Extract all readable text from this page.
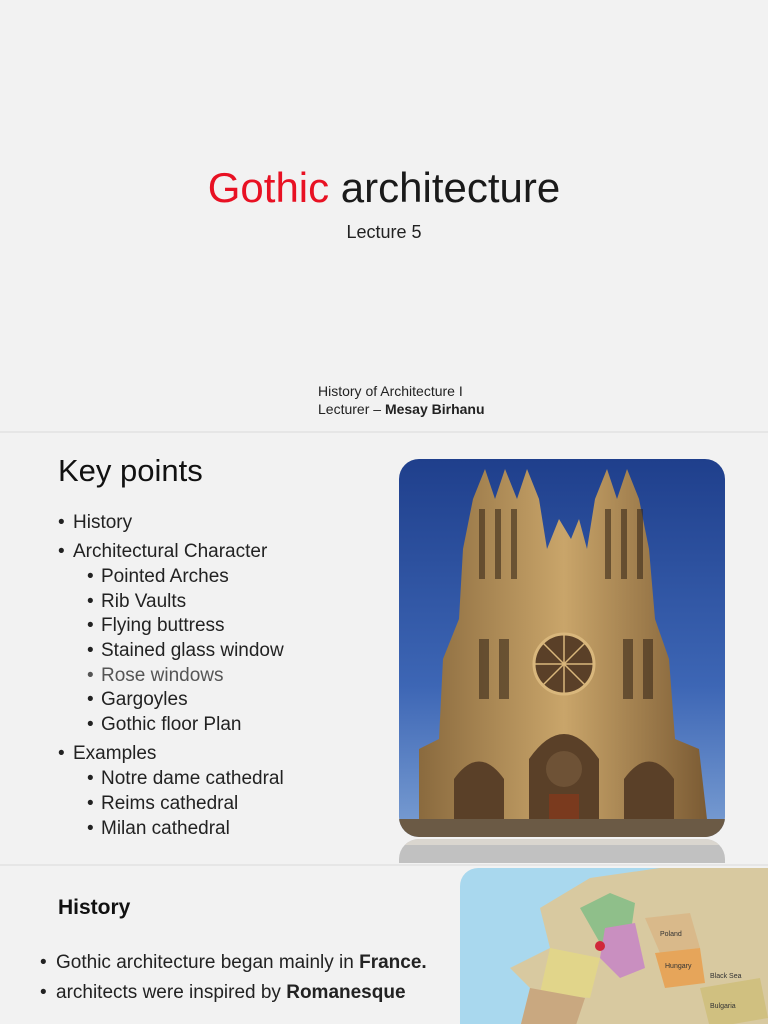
Gothic architecture
Lecture 5
History of Architecture I
Lecturer – Mesay Birhanu
Key points
• History
• Architectural Character
• Pointed Arches
• Rib Vaults
• Flying buttress
• Stained glass window
• Rose windows
• Gargoyles
• Gothic floor Plan
• Examples
• Notre dame cathedral
• Reims cathedral
• Milan cathedral
History
• Gothic architecture began mainly in France.
• architects were inspired by Romanesque
Poland
Hungary
Bulgaria
Black Sea
